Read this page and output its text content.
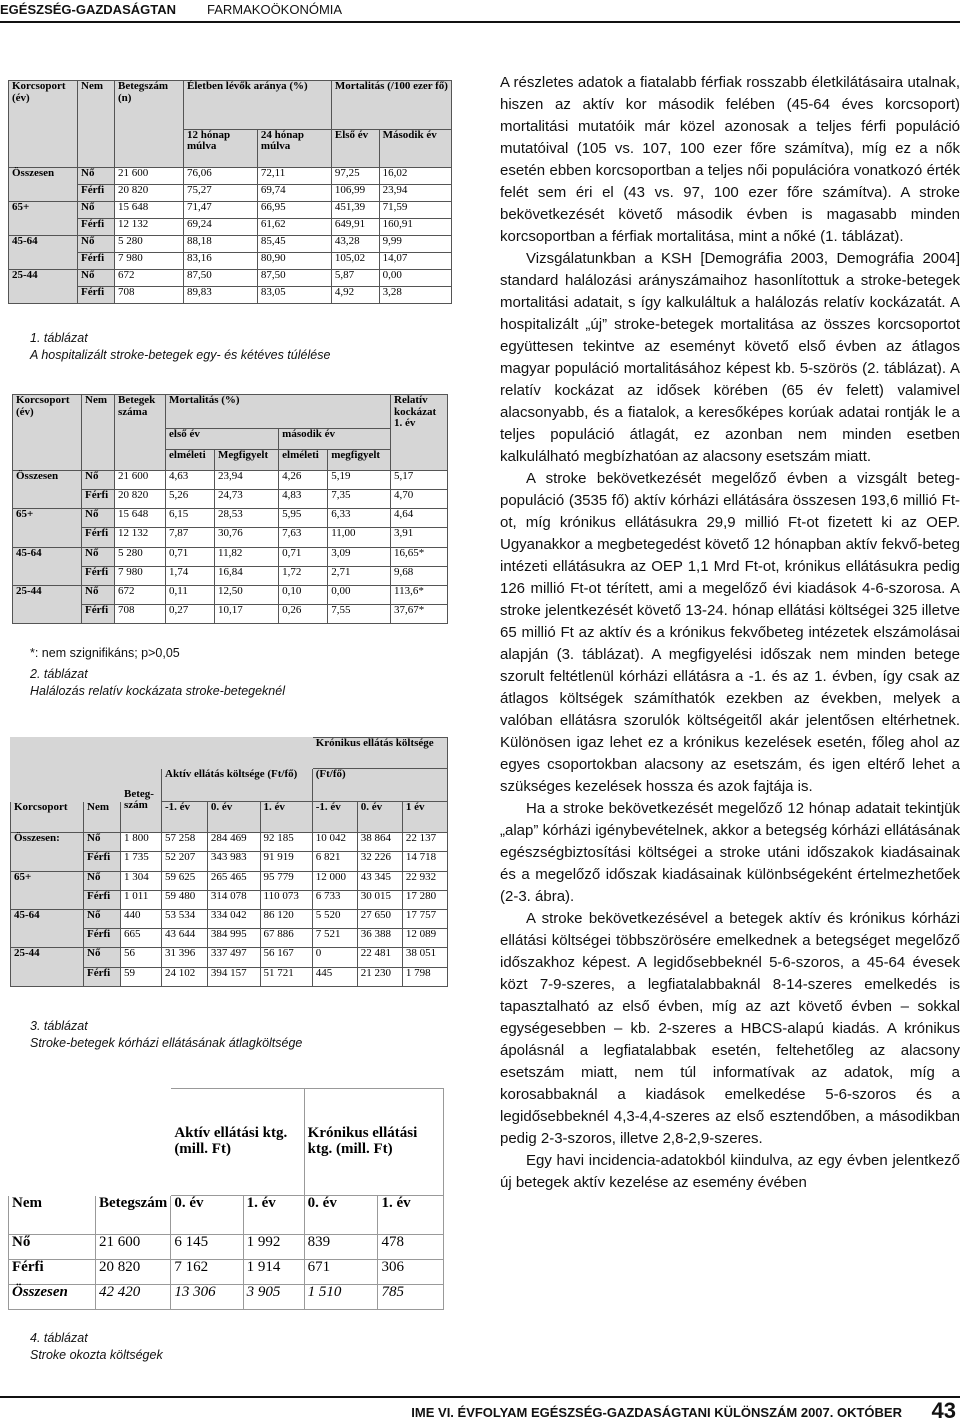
EGÉSZSÉG-GAZDASÁGTAN FARMAKOÖKONÓMIA
Korcsoport (év)	Nem	Betegszám (n)	Életben lévők aránya (%)		Mortalitás (/100 ezer fő)	
			12 hónap múlva	24 hónap múlva	Első év	Második év
Összesen	Nő	21 600	76,06	72,11	97,25	16,02
	Férfi	20 820	75,27	69,74	106,99	23,94
65+	Nő	15 648	71,47	66,95	451,39	71,59
	Férfi	12 132	69,24	61,62	649,91	160,91
45-64	Nő	5 280	88,18	85,45	43,28	9,99
	Férfi	7 980	83,16	80,90	105,02	14,07
25-44	Nő	672	87,50	87,50	5,87	0,00
	Férfi	708	89,83	83,05	4,92	3,28
1. táblázat
A hospitalizált stroke-betegek egy- és kétéves túlélése
Korcsoport (év)	Nem	Betegek száma	Mortalitás (%)				Relatív kockázat 1. év
			első év		második év		
			elméleti	Megfigyelt	elméleti	megfigyelt	
Összesen	Nő	21 600	4,63	23,94	4,26	5,19	5,17
	Férfi	20 820	5,26	24,73	4,83	7,35	4,70
65+	Nő	15 648	6,15	28,53	5,95	6,33	4,64
	Férfi	12 132	7,87	30,76	7,63	11,00	3,91
45-64	Nő	5 280	0,71	11,82	0,71	3,09	16,65*
	Férfi	7 980	1,74	16,84	1,72	2,71	9,68
25-44	Nő	672	0,11	12,50	0,10	0,00	113,6*
	Férfi	708	0,27	10,17	0,26	7,55	37,67*
*: nem szignifikáns; p>0,05
2. táblázat
Halálozás relatív kockázata stroke-betegeknél
						Krónikus ellátás költsége		
		Beteg-szám	Aktív ellátás költsége (Ft/fő)			(Ft/fő)		
Korcsoport	Nem		-1. év	0. év	1. év	-1. év	0. év	1 év
Összesen:	Nő	1 800	57 258	284 469	92 185	10 042	38 864	22 137
	Férfi	1 735	52 207	343 983	91 919	6 821	32 226	14 718
65+	Nő	1 304	59 625	265 465	95 779	12 000	43 345	22 932
	Férfi	1 011	59 480	314 078	110 073	6 733	30 015	17 280
45-64	Nő	440	53 534	334 042	86 120	5 520	27 650	17 757
	Férfi	665	43 644	384 995	67 886	7 521	36 388	12 089
25-44	Nő	56	31 396	337 497	56 167	0	22 481	38 051
	Férfi	59	24 102	394 157	51 721	445	21 230	1 798
3. táblázat
Stroke-betegek kórházi ellátásának átlagköltsége
		Aktív ellátási ktg. (mill. Ft)		Krónikus ellátási ktg. (mill. Ft)	
Nem	Betegszám	0. év	1. év	0. év	1. év
Nő	21 600	6 145	1 992	839	478
Férfi	20 820	7 162	1 914	671	306
Összesen	42 420	13 306	3 905	1 510	785
4. táblázat
Stroke okozta költségek

A részletes adatok a fiatalabb férfiak rosszabb életkilátásaira utalnak, hiszen az aktív kor második felében (45-64 éves korcsoport) mortalitási mutatóik már közel azonosak a teljes férfi populáció mutatóival (105 vs. 107, 100 ezer főre számítva), míg ez a nők esetén ebben korcsoportban a teljes női populációra vonatkozó érték felét sem éri el (43 vs. 97, 100 ezer főre számítva). A stroke bekövetkezését követő második évben is magasabb minden korcsoportban a férfiak mortalitása, mint a nőké (1. táblázat).

Vizsgálatunkban a KSH [Demográfia 2003, Demográfia 2004] standard halálozási arányszámaihoz hasonlítottuk a stroke-betegek mortalitási adatait, s így kalkuláltuk a halálozás relatív kockázatát. A hospitalizált „új” stroke-betegek mortalitása az összes korcsoportot együttesen tekintve az eseményt követő első évben az átlagos magyar populáció mortalitásához képest kb. 5-szörös (2. táblázat). A relatív kockázat az idősek körében (65 év felett) valamivel alacsonyabb, és a fiatalok, a keresőképes korúak adatai rontják le a teljes populáció átlagát, ez azonban nem minden esetben kalkulálható megbízhatóan az alacsony esetszám miatt.

A stroke bekövetkezését megelőző évben a vizsgált beteg-populáció (3535 fő) aktív kórházi ellátására összesen 193,6 millió Ft-ot, míg krónikus ellátásukra 29,9 millió Ft-ot fizetett ki az OEP. Ugyanakkor a megbetegedést követő 12 hónapban aktív fekvő-beteg intézeti ellátásukra az OEP 1,1 Mrd Ft-ot, krónikus ellátásukra pedig 126 millió Ft-ot térített, ami a megelőző évi kiadások 4-6-szorosa. A stroke jelentkezését követő 13-24. hónap ellátási költségei 325 illetve 65 millió Ft az aktív és a krónikus fekvőbeteg intézetek elszámolásai alapján (3. táblázat). A megfigyelési időszak nem minden betege szorult feltétlenül kórházi ellátásra a -1. és az 1. évben, így csak az átlagos költségek számíthatók ezekben az években, melyek a valóban ellátásra szorulók költségeitől akár jelentősen eltérhetnek. Különösen igaz lehet ez a krónikus kezelések esetén, főleg ahol az egyes csoportokban alacsony az esetszám, és igen eltérő lehet a szükséges kezelések hossza és azok fajtája is.

Ha a stroke bekövetkezését megelőző 12 hónap adatait tekintjük „alap” kórházi igénybevételnek, akkor a betegség kórházi ellátásának egészségbiztosítási költségei a stroke utáni időszakok kiadásainak és a megelőző időszak kiadásainak különbségeként értelmezhetőek (2-3. ábra).

A stroke bekövetkezésével a betegek aktív és krónikus kórházi ellátási költségei többszörösére emelkednek a betegséget megelőző időszakhoz képest. A legidősebbeknél 5-6-szoros, a 45-64 évesek közt 7-9-szeres, a legfiatalabbaknál 8-14-szeres emelkedés is tapasztalható az első évben, míg az azt követő évben – sokkal egységesebben – kb. 2-szeres a HBCS-alapú kiadás. A krónikus ápolásnál a legfiatalabbak esetén, feltehetőleg az alacsony esetszám miatt, nem túl informatívak az adatok, míg a korosabbaknál a kiadások emelkedése 5-6-szoros és a legidősebbeknél 4,3-4,4-szeres az első esztendőben, a másodikban pedig 2-3-szoros, illetve 2,8-2,9-szeres.

Egy havi incidencia-adatokból kiindulva, az egy évben jelentkező új betegek aktív kezelése az esemény évében

IME VI. ÉVFOLYAM EGÉSZSÉG-GAZDASÁGTANI KÜLÖNSZÁM 2007. OKTÓBER 43
